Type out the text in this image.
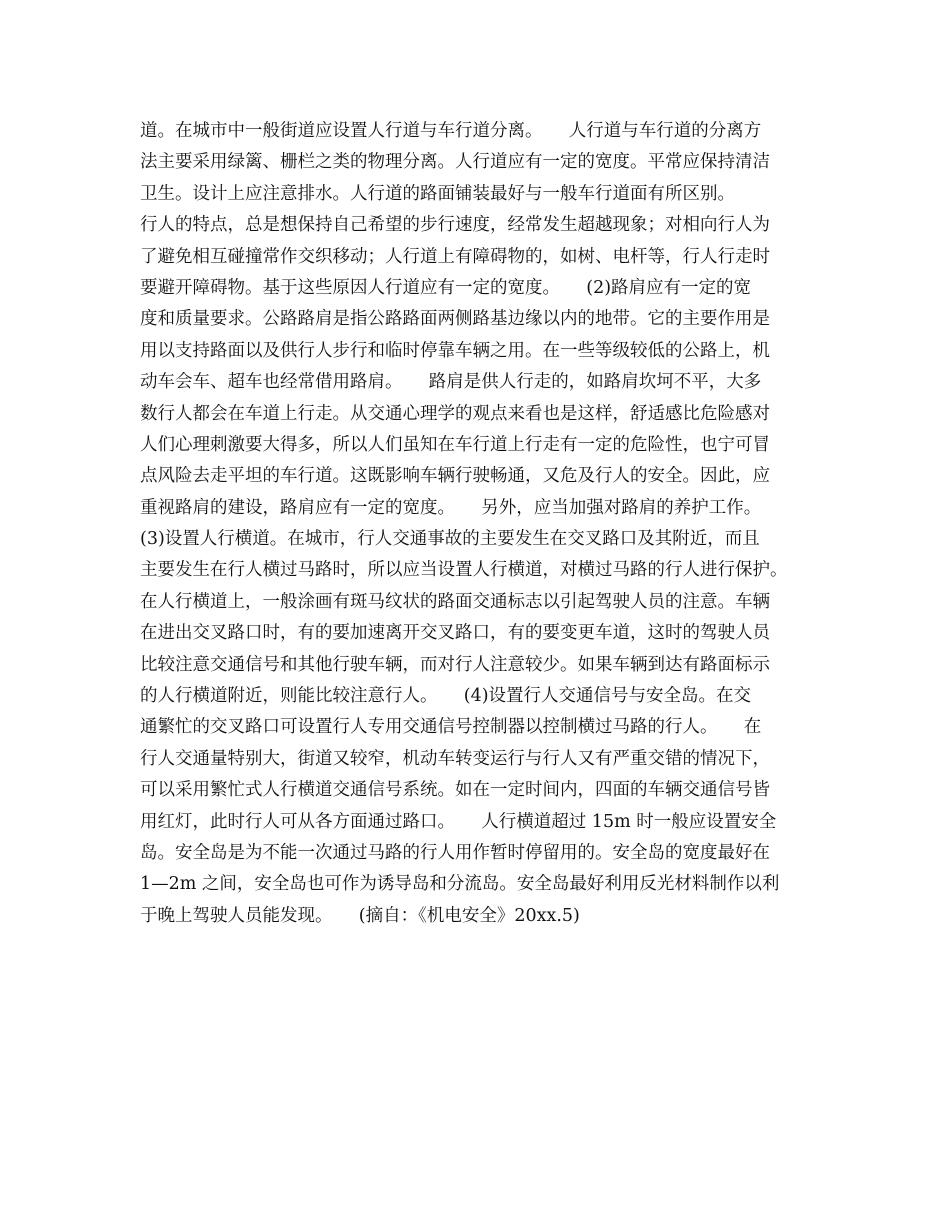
道。在城市中一般街道应设置人行道与车行道分离。　　人行道与车行道的分离方
法主要采用绿篱、栅栏之类的物理分离。人行道应有一定的宽度。平常应保持清洁
卫生。设计上应注意排水。人行道的路面铺装最好与一般车行道面有所区别。
行人的特点，总是想保持自己希望的步行速度，经常发生超越现象；对相向行人为
了避免相互碰撞常作交织移动；人行道上有障碍物的，如树、电杆等，行人行走时
要避开障碍物。基于这些原因人行道应有一定的宽度。　　(2)路肩应有一定的宽
度和质量要求。公路路肩是指公路路面两侧路基边缘以内的地带。它的主要作用是
用以支持路面以及供行人步行和临时停靠车辆之用。在一些等级较低的公路上，机
动车会车、超车也经常借用路肩。　　路肩是供人行走的，如路肩坎坷不平，大多
数行人都会在车道上行走。从交通心理学的观点来看也是这样，舒适感比危险感对
人们心理刺激要大得多，所以人们虽知在车行道上行走有一定的危险性，也宁可冒
点风险去走平坦的车行道。这既影响车辆行驶畅通，又危及行人的安全。因此，应
重视路肩的建设，路肩应有一定的宽度。　　另外，应当加强对路肩的养护工作。
(3)设置人行横道。在城市，行人交通事故的主要发生在交叉路口及其附近，而且
主要发生在行人横过马路时，所以应当设置人行横道，对横过马路的行人进行保护。
在人行横道上，一般涂画有斑马纹状的路面交通标志以引起驾驶人员的注意。车辆
在进出交叉路口时，有的要加速离开交叉路口，有的要变更车道，这时的驾驶人员
比较注意交通信号和其他行驶车辆，而对行人注意较少。如果车辆到达有路面标示
的人行横道附近，则能比较注意行人。　　(4)设置行人交通信号与安全岛。在交
通繁忙的交叉路口可设置行人专用交通信号控制器以控制横过马路的行人。　　在
行人交通量特别大，街道又较窄，机动车转变运行与行人又有严重交错的情况下，
可以采用繁忙式人行横道交通信号系统。如在一定时间内，四面的车辆交通信号皆
用红灯，此时行人可从各方面通过路口。　　人行横道超过 15m 时一般应设置安全
岛。安全岛是为不能一次通过马路的行人用作暂时停留用的。安全岛的宽度最好在
1—2m 之间，安全岛也可作为诱导岛和分流岛。安全岛最好利用反光材料制作以利
于晚上驾驶人员能发现。　　(摘自：《机电安全》20xx.5)
